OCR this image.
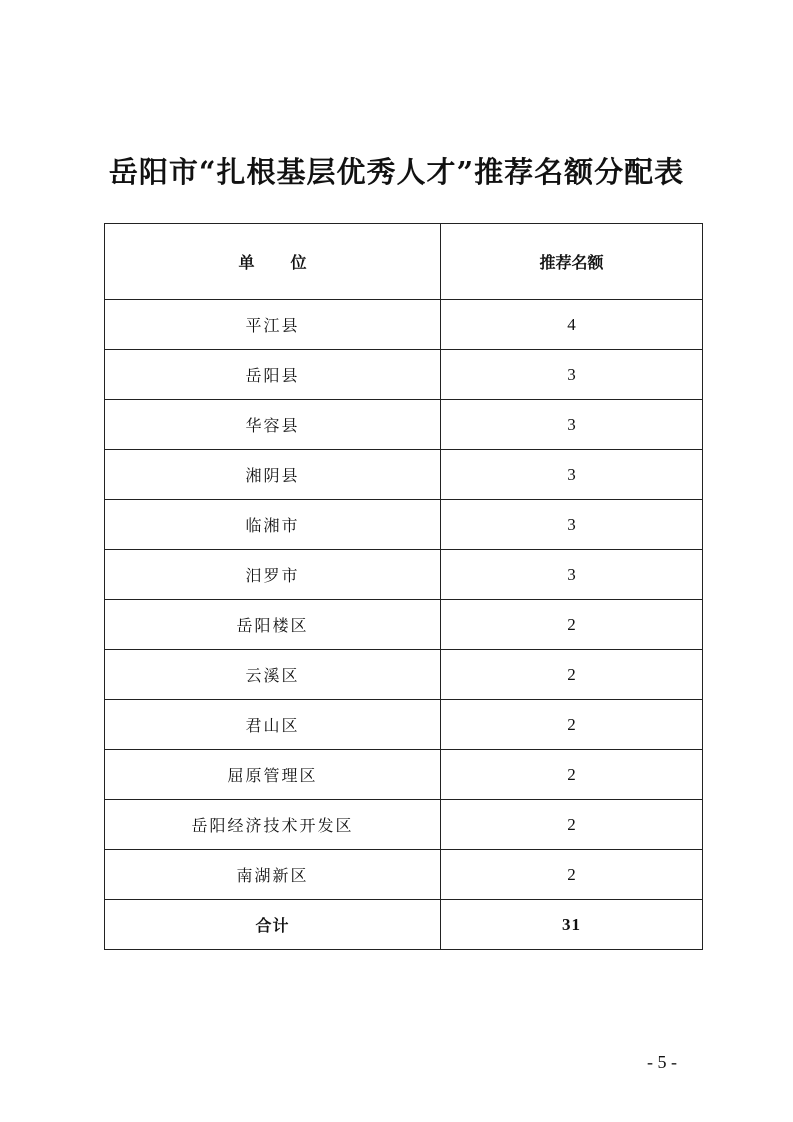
岳阳市“扎根基层优秀人才”推荐名额分配表
单 位	推荐名额
平江县	4
岳阳县	3
华容县	3
湘阴县	3
临湘市	3
汨罗市	3
岳阳楼区	2
云溪区	2
君山区	2
屈原管理区	2
岳阳经济技术开发区	2
南湖新区	2
合计	31
- 5 -
